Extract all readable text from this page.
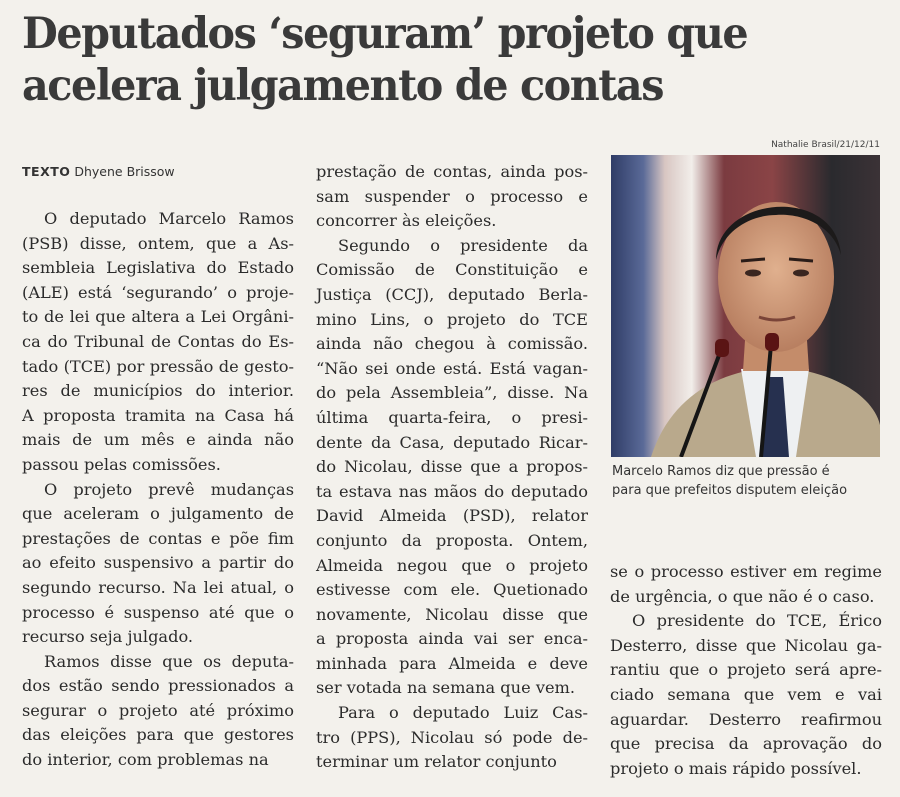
Deputados ‘seguram’ projeto que
acelera julgamento de contas
TEXTO Dhyene Brissow
O deputado Marcelo Ramos
(PSB) disse, ontem, que a As-
sembleia Legislativa do Estado
(ALE) está ‘segurando’ o proje-
to de lei que altera a Lei Orgâni-
ca do Tribunal de Contas do Es-
tado (TCE) por pressão de gesto-
res de municípios do interior.
A proposta tramita na Casa há
mais de um mês e ainda não
passou pelas comissões.
O projeto prevê mudanças
que aceleram o julgamento de
prestações de contas e põe fim
ao efeito suspensivo a partir do
segundo recurso. Na lei atual, o
processo é suspenso até que o
recurso seja julgado.
Ramos disse que os deputa-
dos estão sendo pressionados a
segurar o projeto até próximo
das eleições para que gestores
do interior, com problemas na
prestação de contas, ainda pos-
sam suspender o processo e
concorrer às eleições.
Segundo o presidente da
Comissão de Constituição e
Justiça (CCJ), deputado Berla-
mino Lins, o projeto do TCE
ainda não chegou à comissão.
“Não sei onde está. Está vagan-
do pela Assembleia”, disse. Na
última quarta-feira, o presi-
dente da Casa, deputado Ricar-
do Nicolau, disse que a propos-
ta estava nas mãos do deputado
David Almeida (PSD), relator
conjunto da proposta. Ontem,
Almeida negou que o projeto
estivesse com ele. Quetionado
novamente, Nicolau disse que
a proposta ainda vai ser enca-
minhada para Almeida e deve
ser votada na semana que vem.
Para o deputado Luiz Cas-
tro (PPS), Nicolau só pode de-
terminar um relator conjunto
se o processo estiver em regime
de urgência, o que não é o caso.
O presidente do TCE, Érico
Desterro, disse que Nicolau ga-
rantiu que o projeto será apre-
ciado semana que vem e vai
aguardar. Desterro reafirmou
que precisa da aprovação do
projeto o mais rápido possível.
Nathalie Brasil/21/12/11
Marcelo Ramos diz que pressão é
para que prefeitos disputem eleição
